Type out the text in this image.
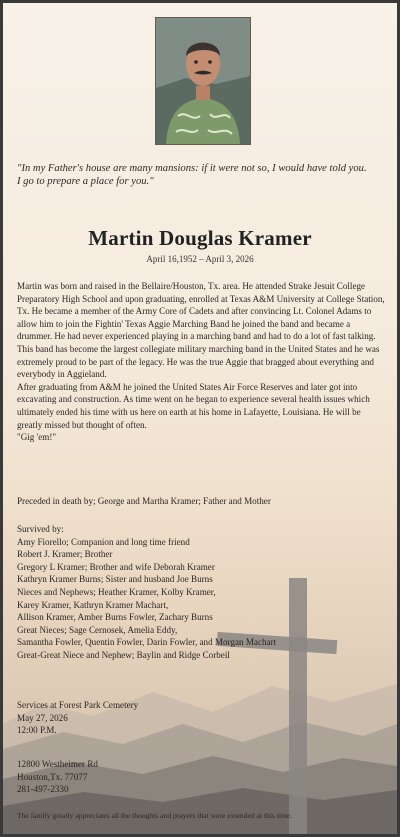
"In my Father's house are many mansions: if it were not so, I would have told you.
I go to prepare a place for you."
Martin Douglas Kramer
April 16,1952 – April 3, 2026

Martin was born and raised in the Bellaire/Houston, Tx. area. He attended Strake Jesuit College Preparatory High School and upon graduating, enrolled at Texas A&M University at College Station, Tx. He became a member of the Army Core of Cadets and after convincing Lt. Colonel Adams to allow him to join the Fightin' Texas Aggie Marching Band he joined the band and became a drummer. He had never experienced playing in a marching band and had to do a lot of fast talking. This band has become the largest collegiate military marching band in the United States and he was extremely proud to be part of the legacy. He was the true Aggie that bragged about everything and everybody in Aggieland.

After graduating from A&M he joined the United States Air Force Reserves and later got into excavating and construction. As time went on he began to experience several health issues which ultimately ended his time with us here on earth at his home in Lafayette, Louisiana. He will be greatly missed but thought of often.

"Gig 'em!"

Preceded in death by; George and Martha Kramer; Father and Mother

Survived by:

Amy Fiorello; Companion and long time friend

Robert J. Kramer; Brother

Gregory L Kramer; Brother and wife Deborah Kramer

Kathryn Kramer Burns; Sister and husband Joe Burns

Nieces and Nephews; Heather Kramer, Kolby Kramer,

Karey Kramer, Kathryn Kramer Machart,

Allison Kramer, Amber Burns Fowler, Zachary Burns

Great Nieces; Sage Cernosek, Amelia Eddy,

Samantha Fowler, Quentin Fowler, Darin Fowler, and Morgan Machart

Great-Great Niece and Nephew; Baylin and Ridge Corbeil

Services at Forest Park Cemetery

May 27, 2026

12:00 P.M.

12800 Westheimer Rd

Houston,Tx. 77077

281-497-2330

The family greatly appreciates all the thoughts and prayers that were extended at this time.
